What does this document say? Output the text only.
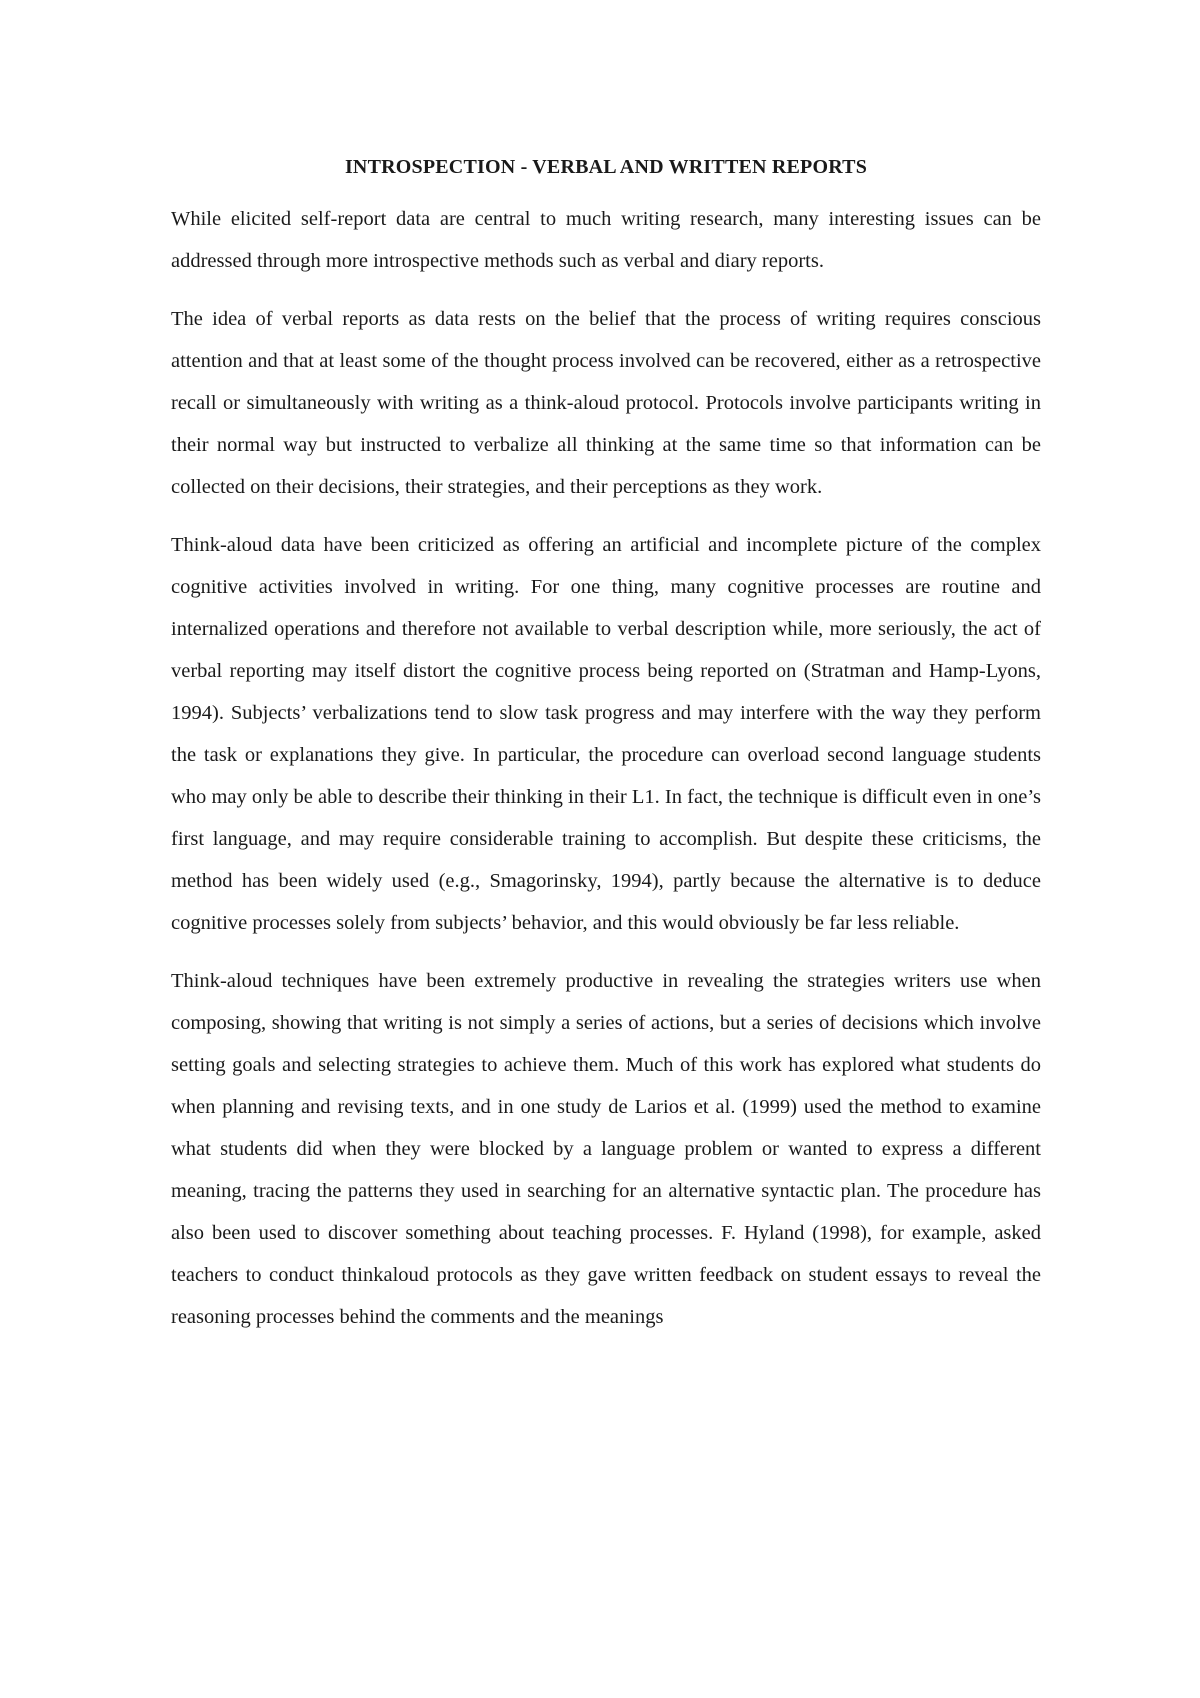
INTROSPECTION - VERBAL AND WRITTEN REPORTS

While elicited self-report data are central to much writing research, many interesting issues can be addressed through more introspective methods such as verbal and diary reports.

The idea of verbal reports as data rests on the belief that the process of writing requires conscious attention and that at least some of the thought process involved can be recovered, either as a retrospective recall or simultaneously with writing as a think-aloud protocol. Protocols involve participants writing in their normal way but instructed to verbalize all thinking at the same time so that information can be collected on their decisions, their strategies, and their perceptions as they work.

Think-aloud data have been criticized as offering an artificial and incomplete picture of the complex cognitive activities involved in writing. For one thing, many cognitive processes are routine and internalized operations and therefore not available to verbal description while, more seriously, the act of verbal reporting may itself distort the cognitive process being reported on (Stratman and Hamp-Lyons, 1994). Subjects’ verbalizations tend to slow task progress and may interfere with the way they perform the task or explanations they give. In particular, the procedure can overload second language students who may only be able to describe their thinking in their L1. In fact, the technique is difficult even in one’s first language, and may require considerable training to accomplish. But despite these criticisms, the method has been widely used (e.g., Smagorinsky, 1994), partly because the alternative is to deduce cognitive processes solely from subjects’ behavior, and this would obviously be far less reliable.

Think-aloud techniques have been extremely productive in revealing the strategies writers use when composing, showing that writing is not simply a series of actions, but a series of decisions which involve setting goals and selecting strategies to achieve them. Much of this work has explored what students do when planning and revising texts, and in one study de Larios et al. (1999) used the method to examine what students did when they were blocked by a language problem or wanted to express a different meaning, tracing the patterns they used in searching for an alternative syntactic plan. The procedure has also been used to discover something about teaching processes. F. Hyland (1998), for example, asked teachers to conduct thinkaloud protocols as they gave written feedback on student essays to reveal the reasoning processes behind the comments and the meanings
